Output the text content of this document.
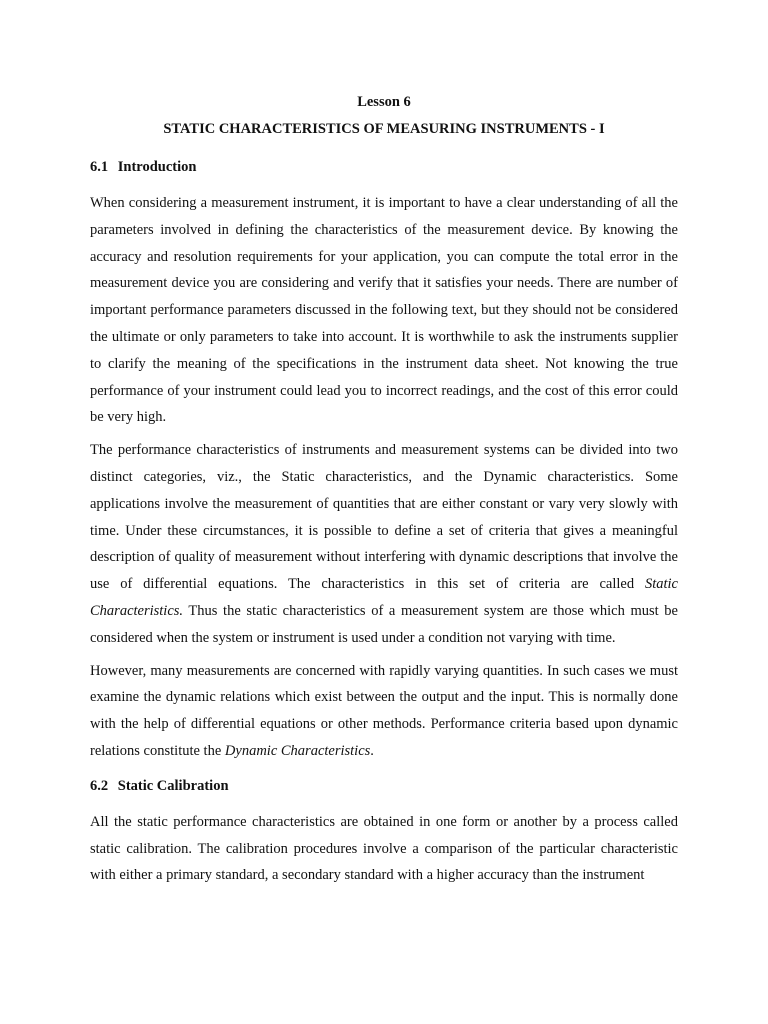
Lesson 6

STATIC CHARACTERISTICS OF MEASURING INSTRUMENTS - I

6.1 Introduction

When considering a measurement instrument, it is important to have a clear understanding of all the parameters involved in defining the characteristics of the measurement device. By knowing the accuracy and resolution requirements for your application, you can compute the total error in the measurement device you are considering and verify that it satisfies your needs. There are number of important performance parameters discussed in the following text, but they should not be considered the ultimate or only parameters to take into account. It is worthwhile to ask the instruments supplier to clarify the meaning of the specifications in the instrument data sheet. Not knowing the true performance of your instrument could lead you to incorrect readings, and the cost of this error could be very high.

The performance characteristics of instruments and measurement systems can be divided into two distinct categories, viz., the Static characteristics, and the Dynamic characteristics. Some applications involve the measurement of quantities that are either constant or vary very slowly with time. Under these circumstances, it is possible to define a set of criteria that gives a meaningful description of quality of measurement without interfering with dynamic descriptions that involve the use of differential equations. The characteristics in this set of criteria are called Static Characteristics. Thus the static characteristics of a measurement system are those which must be considered when the system or instrument is used under a condition not varying with time.

However, many measurements are concerned with rapidly varying quantities. In such cases we must examine the dynamic relations which exist between the output and the input. This is normally done with the help of differential equations or other methods. Performance criteria based upon dynamic relations constitute the Dynamic Characteristics.

6.2 Static Calibration

All the static performance characteristics are obtained in one form or another by a process called static calibration. The calibration procedures involve a comparison of the particular characteristic with either a primary standard, a secondary standard with a higher accuracy than the instrument
